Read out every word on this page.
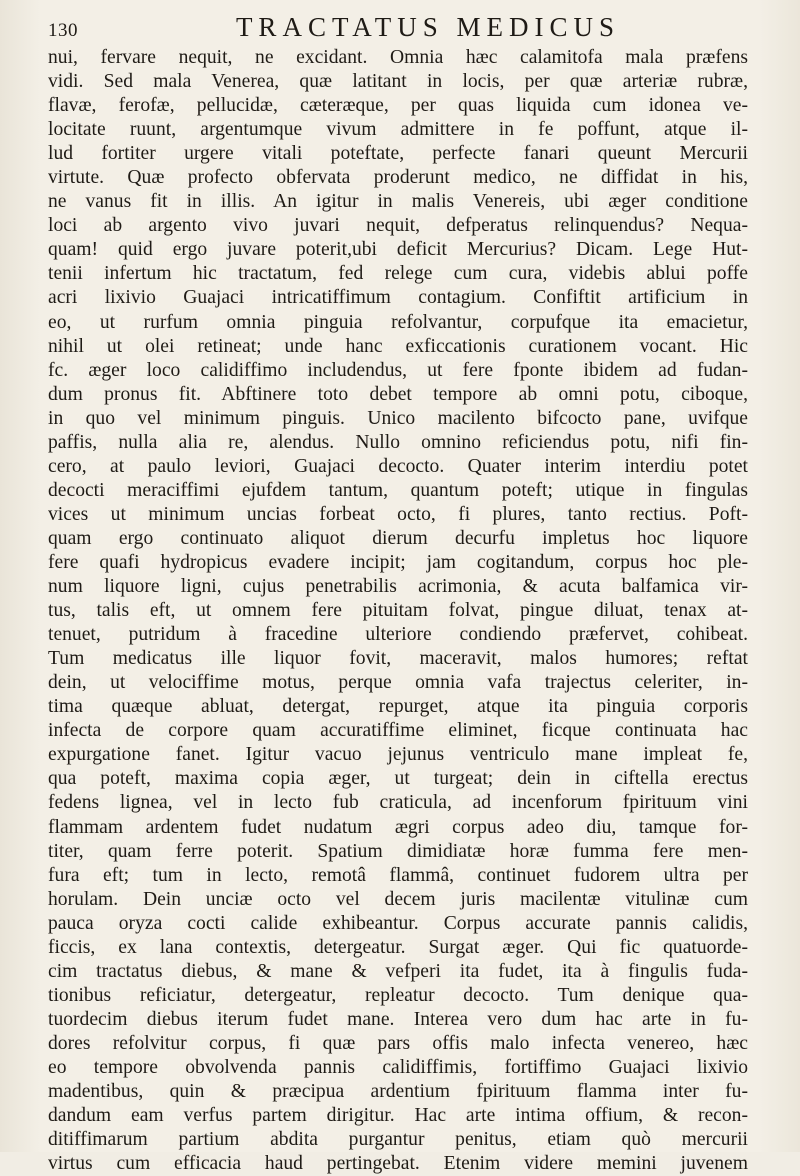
130	TRACTATUS MEDICUS
nui, fervare nequit, ne excidant. Omnia hæc calamitofa mala præfens
vidi. Sed mala Venerea, quæ latitant in locis, per quæ arteriæ rubræ,
flavæ, ferofæ, pellucidæ, cæteræque, per quas liquida cum idonea ve-
locitate ruunt, argentumque vivum admittere in fe poffunt, atque il-
lud fortiter urgere vitali poteftate, perfecte fanari queunt Mercurii
virtute. Quæ profecto obfervata proderunt medico, ne diffidat in his,
ne vanus fit in illis. An igitur in malis Venereis, ubi æger conditione
loci ab argento vivo juvari nequit, defperatus relinquendus? Nequa-
quam! quid ergo juvare poterit,ubi deficit Mercurius? Dicam. Lege Hut-
tenii infertum hic tractatum, fed relege cum cura, videbis ablui poffe
acri lixivio Guajaci intricatiffimum contagium. Confiftit artificium in
eo, ut rurfum omnia pinguia refolvantur, corpufque ita emacietur,
nihil ut olei retineat; unde hanc exficcationis curationem vocant. Hic
fc. æger loco calidiffimo includendus, ut fere fponte ibidem ad fudan-
dum pronus fit. Abftinere toto debet tempore ab omni potu, ciboque,
in quo vel minimum pinguis. Unico macilento bifcocto pane, uvifque
paffis, nulla alia re, alendus. Nullo omnino reficiendus potu, nifi fin-
cero, at paulo leviori, Guajaci decocto. Quater interim interdiu potet
decocti meraciffimi ejufdem tantum, quantum poteft; utique in fingulas
vices ut minimum uncias forbeat octo, fi plures, tanto rectius. Poft-
quam ergo continuato aliquot dierum decurfu impletus hoc liquore
fere quafi hydropicus evadere incipit; jam cogitandum, corpus hoc ple-
num liquore ligni, cujus penetrabilis acrimonia, & acuta balfamica vir-
tus, talis eft, ut omnem fere pituitam folvat, pingue diluat, tenax at-
tenuet, putridum à fracedine ulteriore condiendo præfervet, cohibeat.
Tum medicatus ille liquor fovit, maceravit, malos humores; reftat
dein, ut velociffime motus, perque omnia vafa trajectus celeriter, in-
tima quæque abluat, detergat, repurget, atque ita pinguia corporis
infecta de corpore quam accuratiffime eliminet, ficque continuata hac
expurgatione fanet. Igitur vacuo jejunus ventriculo mane impleat fe,
qua poteft, maxima copia æger, ut turgeat; dein in ciftella erectus
fedens lignea, vel in lecto fub craticula, ad incenforum fpirituum vini
flammam ardentem fudet nudatum ægri corpus adeo diu, tamque for-
titer, quam ferre poterit. Spatium dimidiatæ horæ fumma fere men-
fura eft; tum in lecto, remotâ flammâ, continuet fudorem ultra per
horulam. Dein unciæ octo vel decem juris macilentæ vitulinæ cum
pauca oryza cocti calide exhibeantur. Corpus accurate pannis calidis,
ficcis, ex lana contextis, detergeatur. Surgat æger. Qui fic quatuorde-
cim tractatus diebus, & mane & vefperi ita fudet, ita à fingulis fuda-
tionibus reficiatur, detergeatur, repleatur decocto. Tum denique qua-
tuordecim diebus iterum fudet mane. Interea vero dum hac arte in fu-
dores refolvitur corpus, fi quæ pars offis malo infecta venereo, hæc
eo tempore obvolvenda pannis calidiffimis, fortiffimo Guajaci lixivio
madentibus, quin & præcipua ardentium fpirituum flamma inter fu-
dandum eam verfus partem dirigitur. Hac arte intima offium, & recon-
ditiffimarum partium abdita purgantur penitus, etiam quò mercurii
virtus cum efficacia haud pertingebat. Etenim videre memini juvenem
